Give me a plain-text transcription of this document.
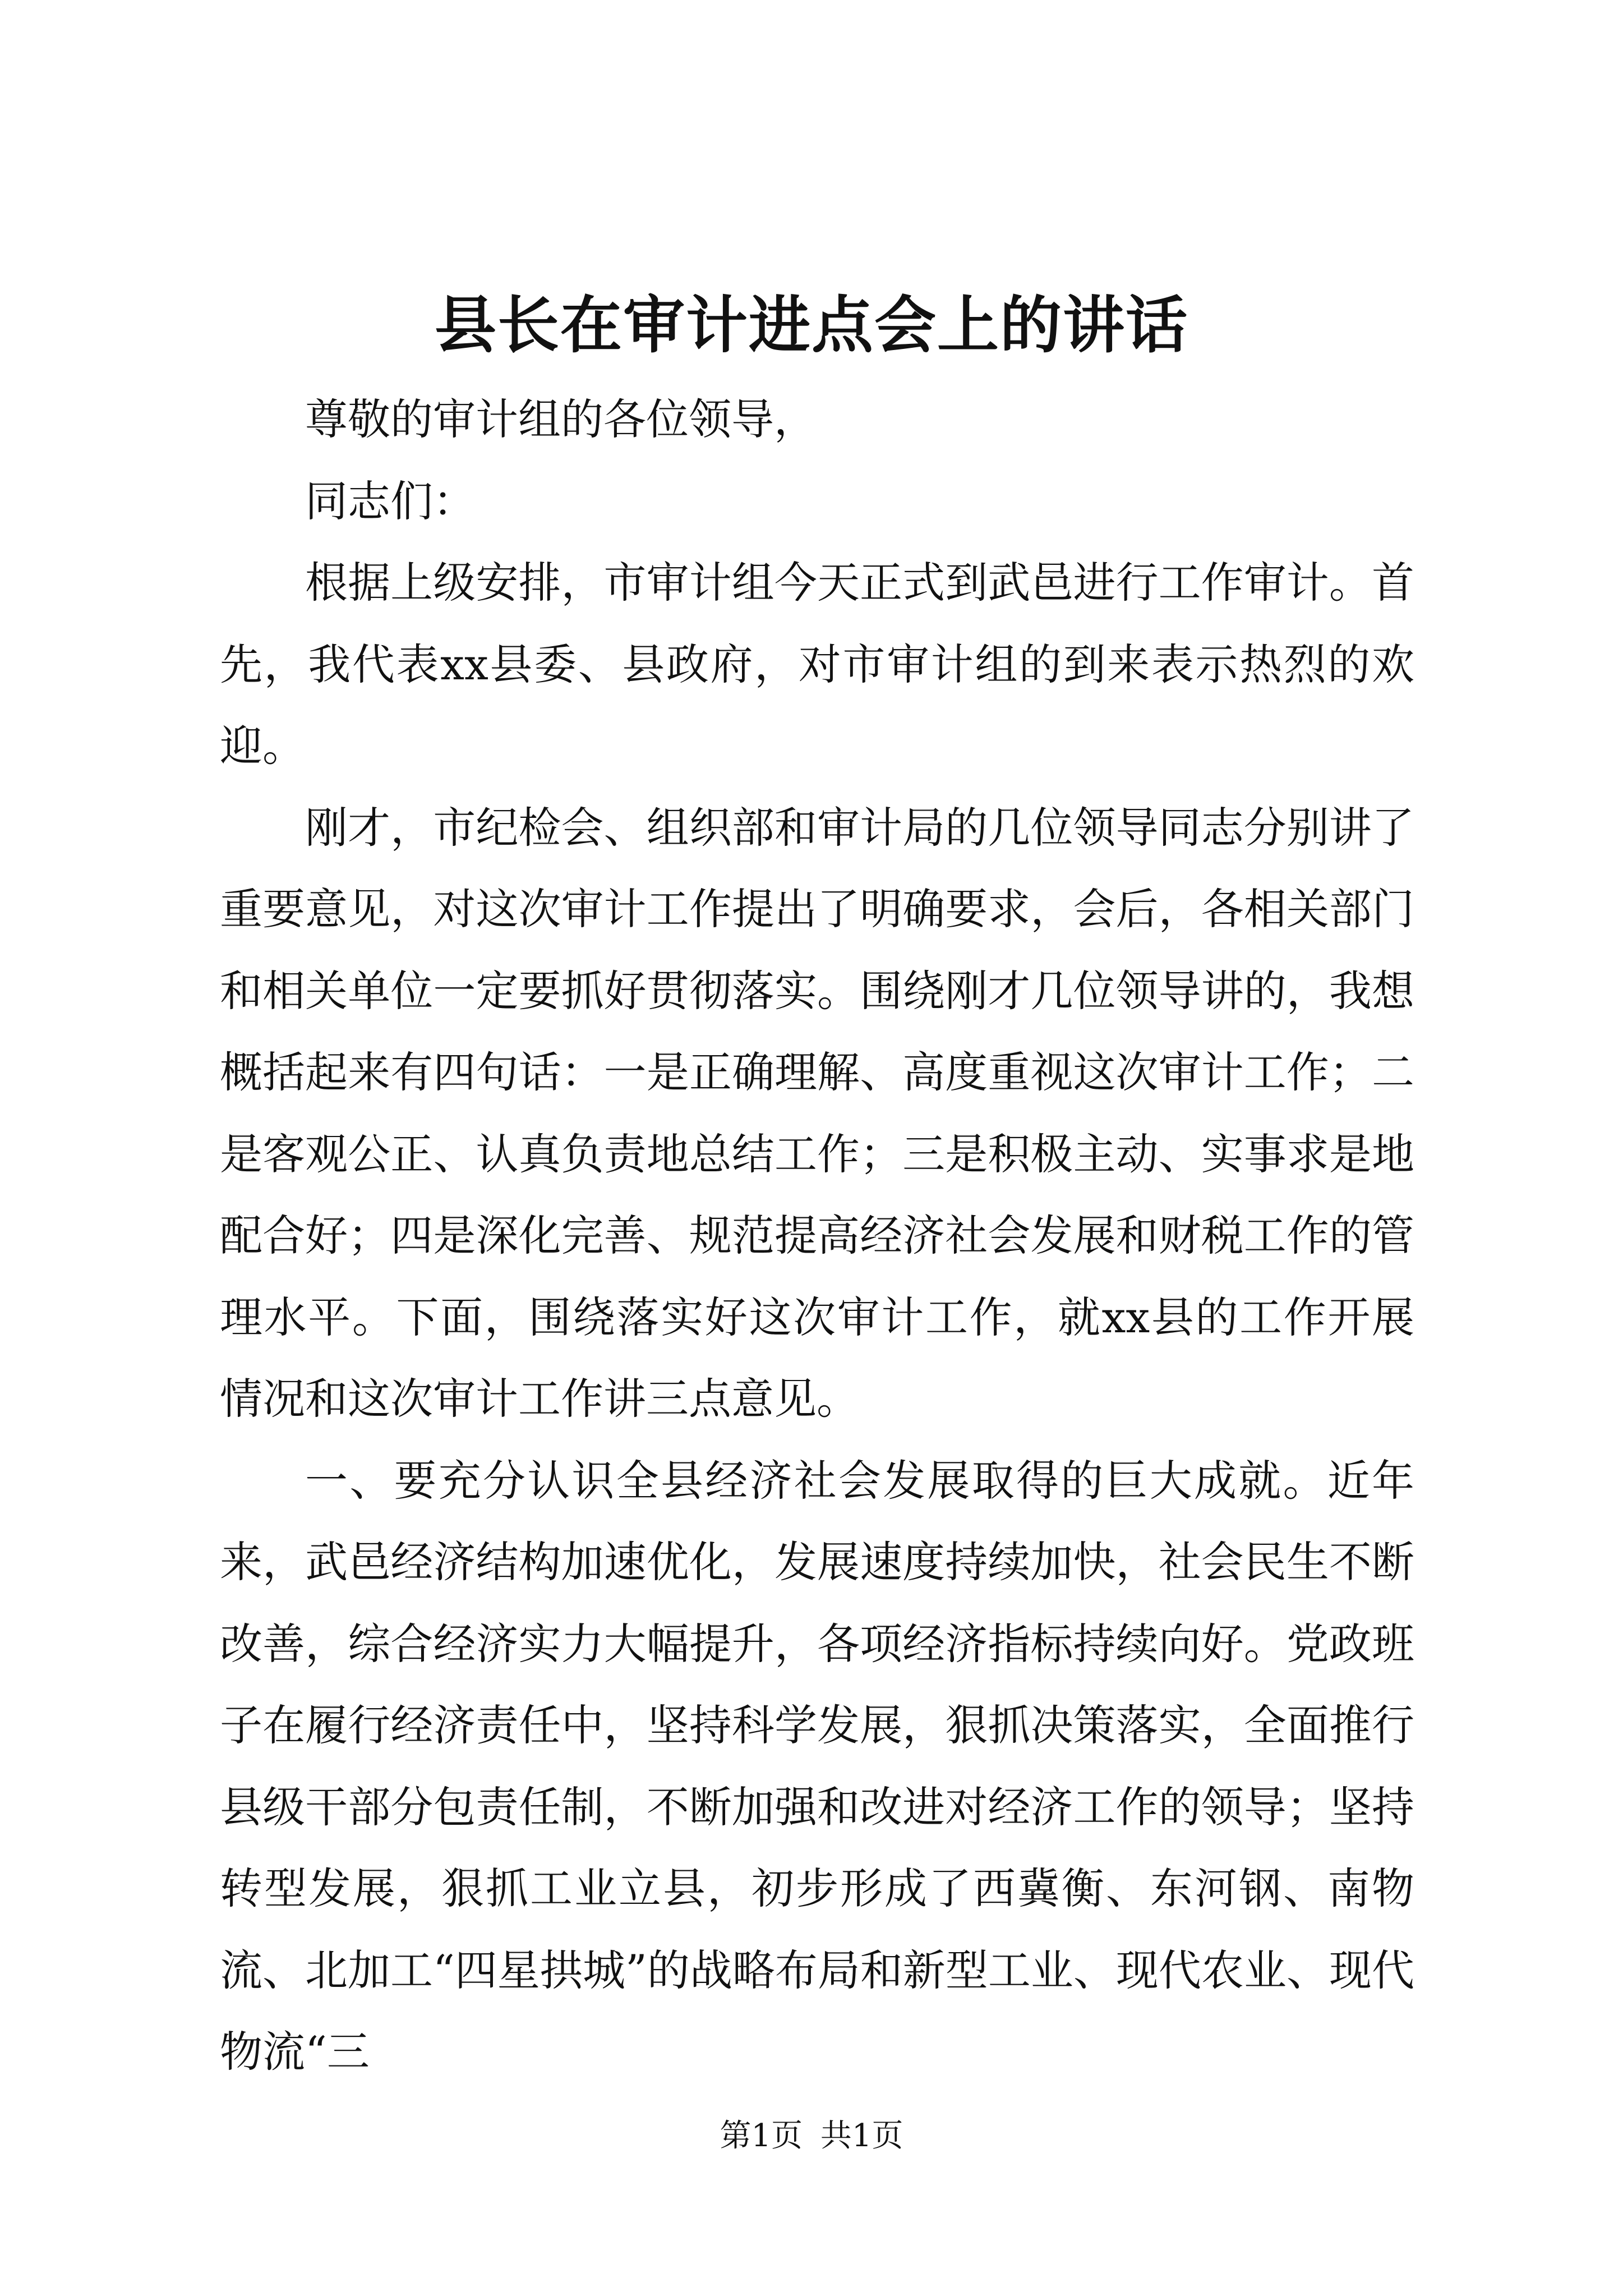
县长在审计进点会上的讲话

尊敬的审计组的各位领导，

同志们：

根据上级安排，市审计组今天正式到武邑进行工作审计。首先，我代表xx县委、县政府，对市审计组的到来表示热烈的欢迎。

刚才，市纪检会、组织部和审计局的几位领导同志分别讲了重要意见，对这次审计工作提出了明确要求，会后，各相关部门和相关单位一定要抓好贯彻落实。围绕刚才几位领导讲的，我想概括起来有四句话：一是正确理解、高度重视这次审计工作；二是客观公正、认真负责地总结工作；三是积极主动、实事求是地配合好；四是深化完善、规范提高经济社会发展和财税工作的管理水平。下面，围绕落实好这次审计工作，就xx县的工作开展情况和这次审计工作讲三点意见。

一、要充分认识全县经济社会发展取得的巨大成就。近年来，武邑经济结构加速优化，发展速度持续加快，社会民生不断改善，综合经济实力大幅提升，各项经济指标持续向好。党政班子在履行经济责任中，坚持科学发展，狠抓决策落实，全面推行县级干部分包责任制，不断加强和改进对经济工作的领导；坚持转型发展，狠抓工业立县，初步形成了西冀衡、东河钢、南物流、北加工“四星拱城”的战略布局和新型工业、现代农业、现代物流“三

第1页 共1页
